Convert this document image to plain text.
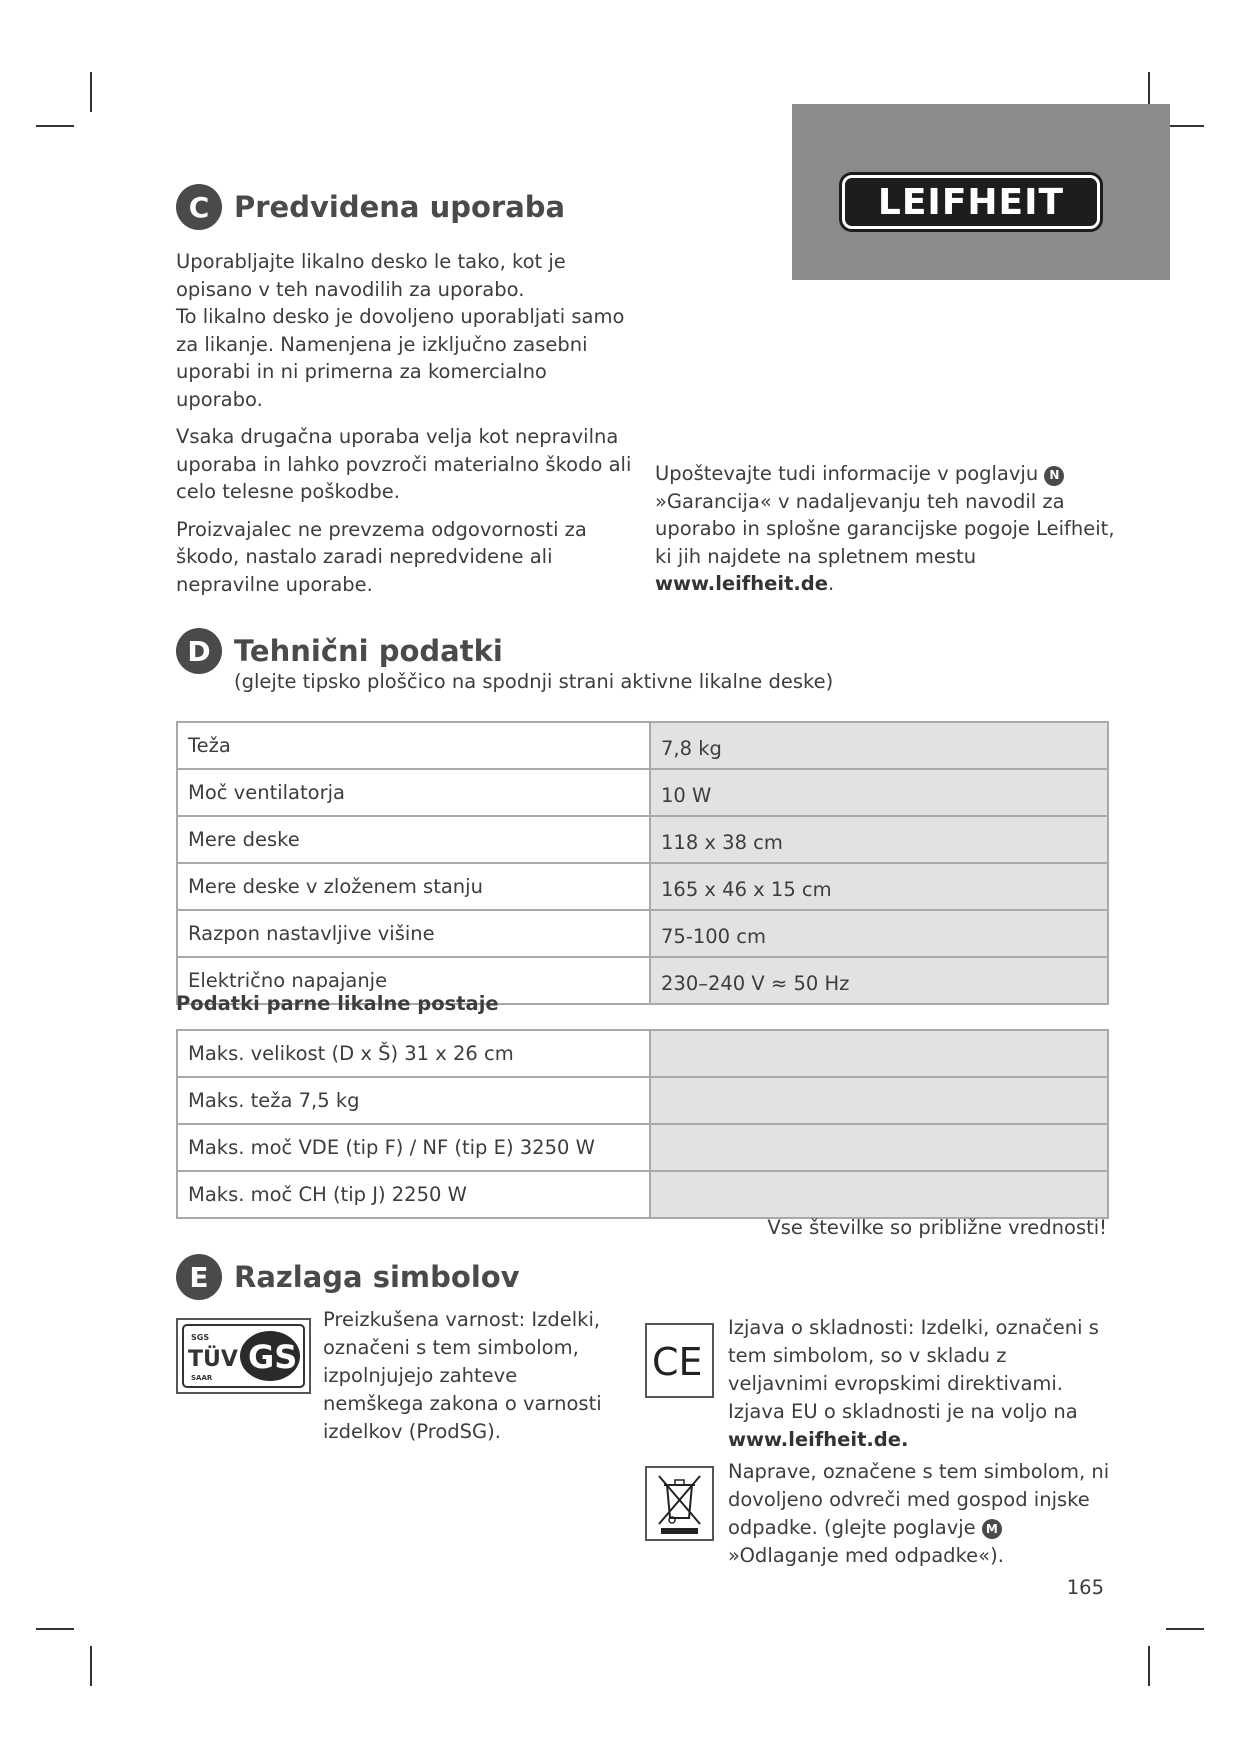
LEIFHEIT
C Predvidena uporaba

Uporabljajte likalno desko le tako, kot je opisano v teh navodilih za uporabo.

To likalno desko je dovoljeno uporabljati samo za likanje. Namenjena je izključno zasebni uporabi in ni primerna za komercialno uporabo.

Vsaka drugačna uporaba velja kot nepravilna uporaba in lahko povzroči materialno škodo ali celo telesne poškodbe.

Proizvajalec ne prevzema odgovornosti za škodo, nastalo zaradi nepredvidene ali nepravilne uporabe.

Upoštevajte tudi informacije v poglavju N »Garancija« v nadaljevanju teh navodil za uporabo in splošne garancijske pogoje Leifheit, ki jih najdete na spletnem mestu www.leifheit.de.
D Tehnični podatki
(glejte tipsko ploščico na spodnji strani aktivne likalne deske)
Teža	7,8 kg
Moč ventilatorja	10 W
Mere deske	118 x 38 cm
Mere deske v zloženem stanju	165 x 46 x 15 cm
Razpon nastavljive višine	75-100 cm
Električno napajanje	230–240 V ≈ 50 Hz
Podatki parne likalne postaje
Maks. velikost (D x Š) 31 x 26 cm	
Maks. teža 7,5 kg	
Maks. moč VDE (tip F) / NF (tip E) 3250 W	
Maks. moč CH (tip J) 2250 W	
Vse številke so približne vrednosti!
E Razlaga simbolov
SGS
TÜV
SAAR
GS
Preizkušena varnost: Izdelki, označeni s tem simbolom, izpolnjujejo zahteve nemškega zakona o varnosti izdelkov (ProdSG).
CE
Izjava o skladnosti: Izdelki, označeni s tem simbolom, so v skladu z veljavnimi evropskimi direktivami. Izjava EU o skladnosti je na voljo na www.leifheit.de.
Naprave, označene s tem simbolom, ni dovoljeno odvreči med gospod injske odpadke. (glejte poglavje M »Odlaganje med odpadke«).
165
